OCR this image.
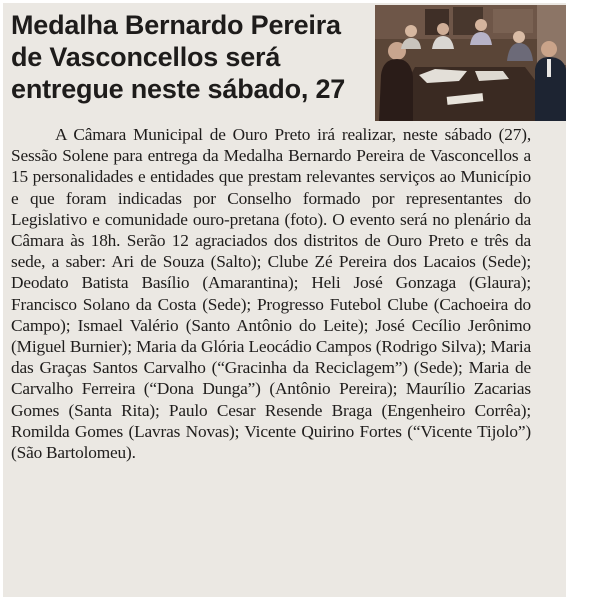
Medalha Bernardo Pereira de Vasconcellos será entregue neste sábado, 27

A Câmara Municipal de Ouro Preto irá realizar, neste sábado (27), Sessão Solene para entrega da Medalha Bernardo Pereira de Vasconcellos a 15 personalidades e entidades que prestam relevantes serviços ao Município e que foram indicadas por Conselho formado por representantes do Legislativo e comunidade ouro-pretana (foto). O evento será no plenário da Câmara às 18h. Serão 12 agraciados dos distritos de Ouro Preto e três da sede, a saber: Ari de Souza (Salto); Clube Zé Pereira dos Lacaios (Sede); Deodato Batista Basílio (Amarantina); Heli José Gonzaga (Glaura); Francisco Solano da Costa (Sede); Progresso Futebol Clube (Cachoeira do Campo); Ismael Valério (Santo Antônio do Leite); José Cecílio Jerônimo (Miguel Burnier); Maria da Glória Leocádio Campos (Rodrigo Silva); Maria das Graças Santos Carvalho (“Gracinha da Reciclagem”) (Sede); Maria de Carvalho Ferreira (“Dona Dunga”) (Antônio Pereira); Maurílio Zacarias Gomes (Santa Rita); Paulo Cesar Resende Braga (Engenheiro Corrêa); Romilda Gomes (Lavras Novas); Vicente Quirino Fortes (“Vicente Tijolo”) (São Bartolomeu).
